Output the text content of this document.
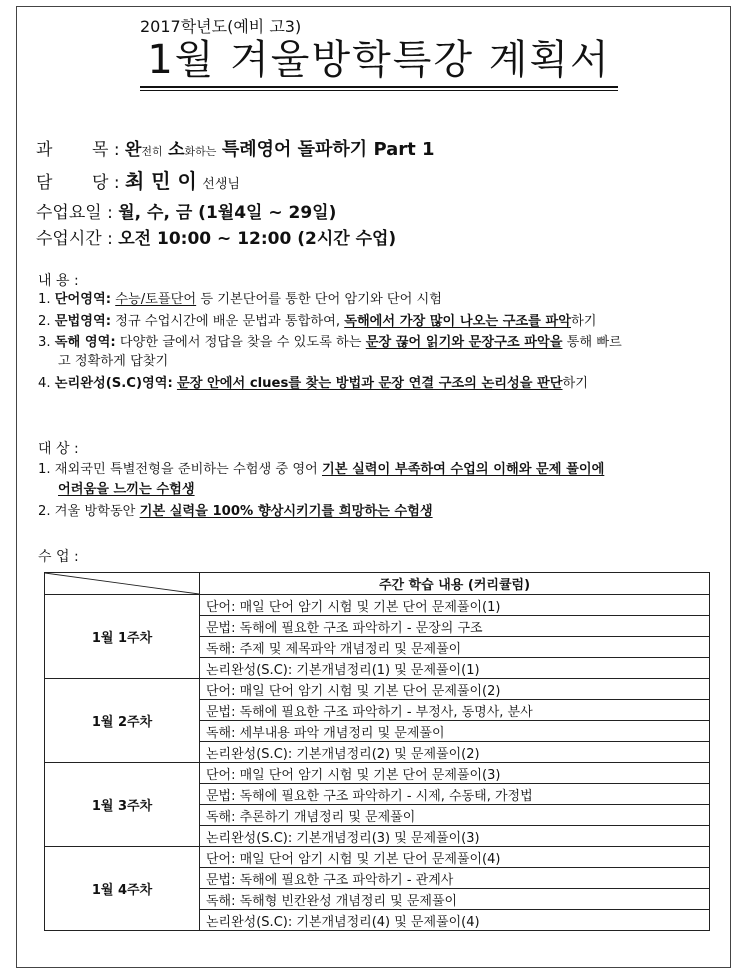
2017학년도(예비 고3)
1월 겨울방학특강 계획서
과 목 : 완전히 소화하는 특례영어 돌파하기 Part 1
담 당 : 최 민 이 선생님
수업요일 : 월, 수, 금 (1월4일 ~ 29일)
수업시간 : 오전 10:00 ~ 12:00 (2시간 수업)
내 용 :
1. 단어영역: 수능/토플단어 등 기본단어를 통한 단어 암기와 단어 시험
2. 문법영역: 정규 수업시간에 배운 문법과 통합하여, 독해에서 가장 많이 나오는 구조를 파악하기
3. 독해 영역: 다양한 글에서 정답을 찾을 수 있도록 하는 문장 끊어 읽기와 문장구조 파악을 통해 빠르
고 정확하게 답찾기
4. 논리완성(S.C)영역: 문장 안에서 clues를 찾는 방법과 문장 연결 구조의 논리성을 판단하기
대 상 :
1. 재외국민 특별전형을 준비하는 수험생 중 영어 기본 실력이 부족하여 수업의 이해와 문제 풀이에
어려움을 느끼는 수험생
2. 겨울 방학동안 기본 실력을 100% 향상시키기를 희망하는 수험생
수 업 :
	주간 학습 내용 (커리큘럼)
1월 1주차	단어: 매일 단어 암기 시험 및 기본 단어 문제풀이(1)
	문법: 독해에 필요한 구조 파악하기 - 문장의 구조
	독해: 주제 및 제목파악 개념정리 및 문제풀이
	논리완성(S.C): 기본개념정리(1) 및 문제풀이(1)
1월 2주차	단어: 매일 단어 암기 시험 및 기본 단어 문제풀이(2)
	문법: 독해에 필요한 구조 파악하기 - 부정사, 동명사, 분사
	독해: 세부내용 파악 개념정리 및 문제풀이
	논리완성(S.C): 기본개념정리(2) 및 문제풀이(2)
1월 3주차	단어: 매일 단어 암기 시험 및 기본 단어 문제풀이(3)
	문법: 독해에 필요한 구조 파악하기 - 시제, 수동태, 가정법
	독해: 추론하기 개념정리 및 문제풀이
	논리완성(S.C): 기본개념정리(3) 및 문제풀이(3)
1월 4주차	단어: 매일 단어 암기 시험 및 기본 단어 문제풀이(4)
	문법: 독해에 필요한 구조 파악하기 - 관계사
	독해: 독해형 빈칸완성 개념정리 및 문제풀이
	논리완성(S.C): 기본개념정리(4) 및 문제풀이(4)
